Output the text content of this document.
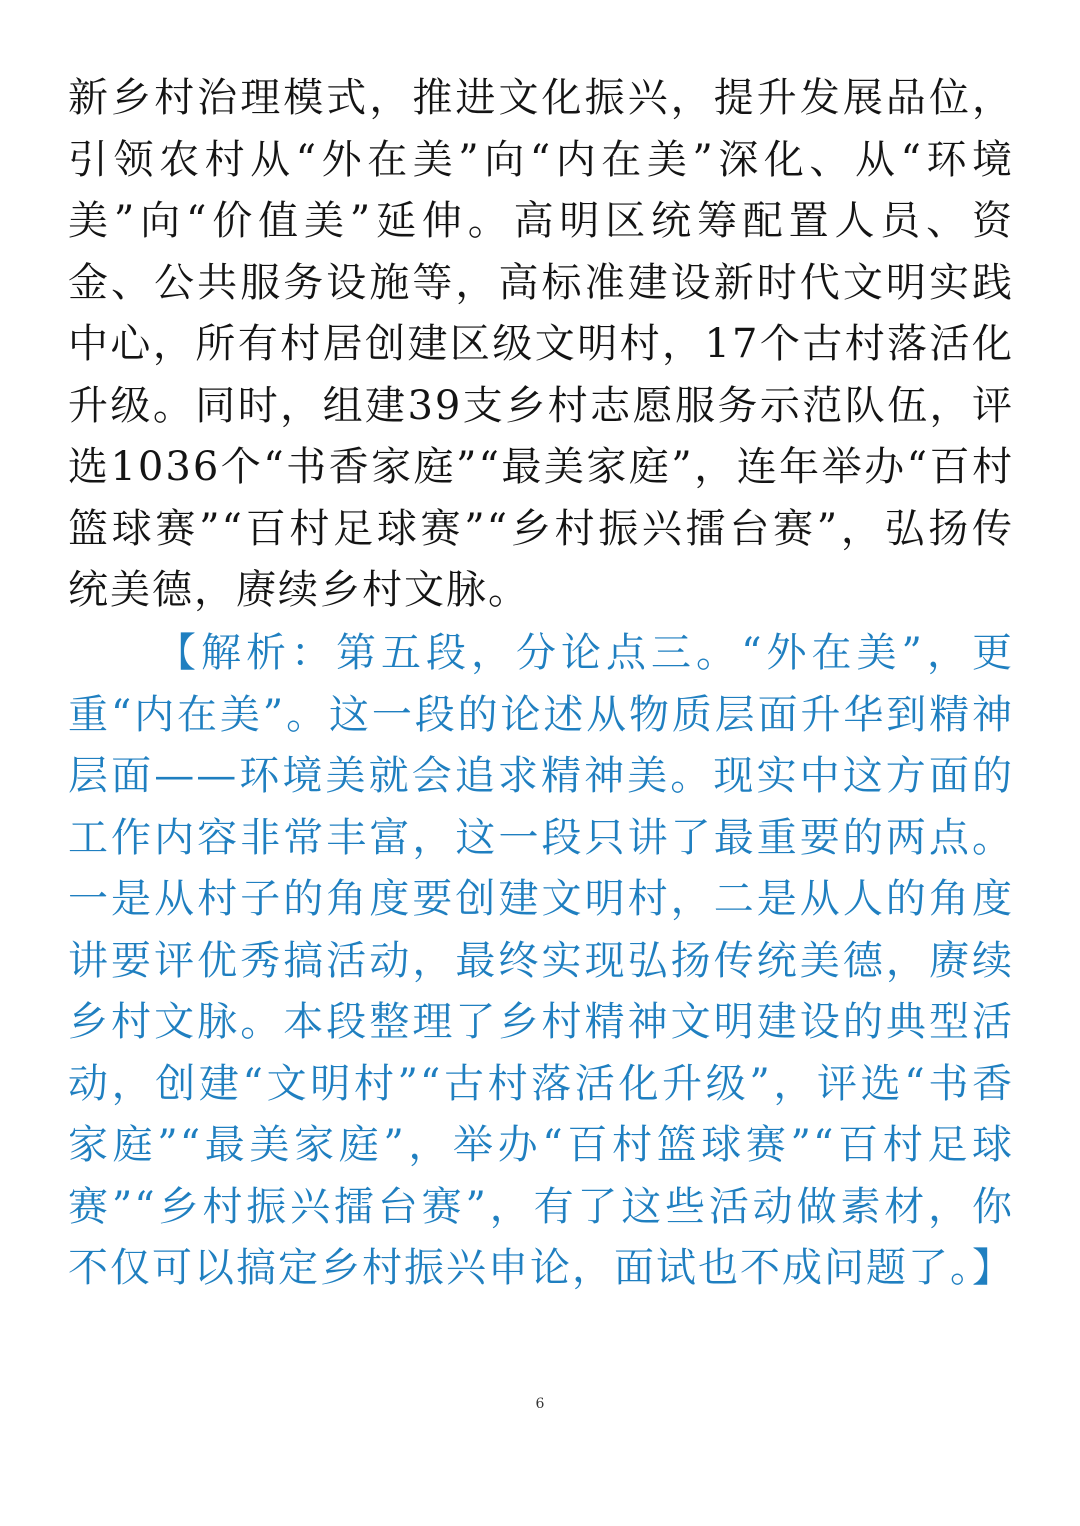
新乡村治理模式，推进文化振兴，提升发展品位，引领农村从“外在美”向“内在美”深化、从“环境美”向“价值美”延伸。高明区统筹配置人员、资金、公共服务设施等，高标准建设新时代文明实践中心，所有村居创建区级文明村，17个古村落活化升级。同时，组建39支乡村志愿服务示范队伍，评选1036个“书香家庭”“最美家庭”，连年举办“百村篮球赛”“百村足球赛”“乡村振兴擂台赛”，弘扬传统美德，赓续乡村文脉。

【解析：第五段，分论点三。“外在美”，更重“内在美”。这一段的论述从物质层面升华到精神层面——环境美就会追求精神美。现实中这方面的工作内容非常丰富，这一段只讲了最重要的两点。一是从村子的角度要创建文明村，二是从人的角度讲要评优秀搞活动，最终实现弘扬传统美德，赓续乡村文脉。本段整理了乡村精神文明建设的典型活动，创建“文明村”“古村落活化升级”，评选“书香家庭”“最美家庭”，举办“百村篮球赛”“百村足球赛”“乡村振兴擂台赛”，有了这些活动做素材，你不仅可以搞定乡村振兴申论，面试也不成问题了。】

6
